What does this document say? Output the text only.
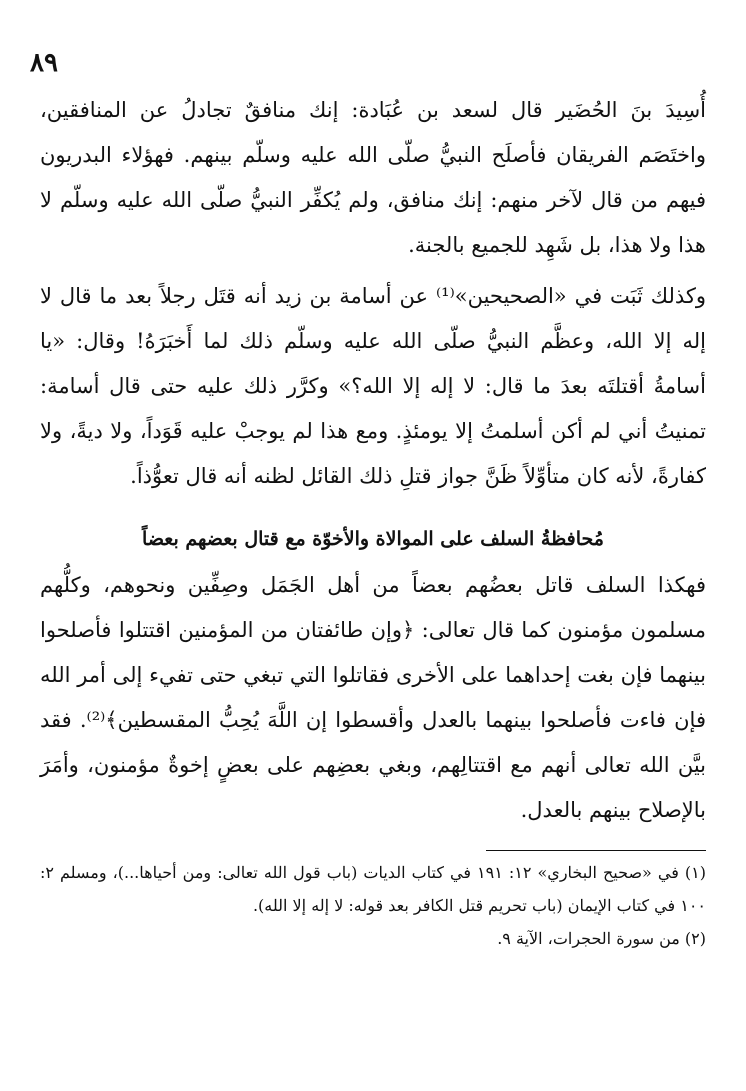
٨٩

أُسِيدَ بنَ الحُضَير قال لسعد بن عُبَادة: إنك منافقٌ تجادلُ عن المنافقين، واختَصَم الفريقان فأصلَح النبيُّ صلّى الله عليه وسلّم بينهم. فهؤلاء البدريون فيهم من قال لآخر منهم: إنك منافق، ولم يُكفِّر النبيُّ صلّى الله عليه وسلّم لا هذا ولا هذا، بل شَهِد للجميع بالجنة.

وكذلك ثَبَت في «الصحيحين»⁽¹⁾ عن أسامة بن زيد أنه قتَل رجلاً بعد ما قال لا إله إلا الله، وعظَّم النبيُّ صلّى الله عليه وسلّم ذلك لما أَخبَرَهُ! وقال: «يا أسامةُ أقتلتَه بعدَ ما قال: لا إله إلا الله؟» وكرَّر ذلك عليه حتى قال أسامة: تمنيتُ أني لم أكن أسلمتُ إلا يومئذٍ. ومع هذا لم يوجبْ عليه قَوَداً، ولا ديةً، ولا كفارةً، لأنه كان متأوِّلاً ظَنَّ جواز قتلِ ذلك القائل لظنه أنه قال تعوُّذاً.

مُحافظةُ السلف على الموالاة والأخوّة مع قتال بعضهم بعضاً

فهكذا السلف قاتل بعضُهم بعضاً من أهل الجَمَل وصِفِّين ونحوهم، وكلُّهم مسلمون مؤمنون كما قال تعالى: ﴿وإن طائفتان من المؤمنين اقتتلوا فأصلحوا بينهما فإن بغت إحداهما على الأخرى فقاتلوا التي تبغي حتى تفيء إلى أمر الله فإن فاءت فأصلحوا بينهما بالعدل وأقسطوا إن اللَّهَ يُحِبُّ المقسطين﴾⁽²⁾. فقد بيَّن الله تعالى أنهم مع اقتتالِهم، وبغي بعضِهم على بعضٍ إخوةٌ مؤمنون، وأمَرَ بالإصلاح بينهم بالعدل.

(١) في «صحيح البخاري» ١٢: ١٩١ في كتاب الديات (باب قول الله تعالى: ومن أحياها...)، ومسلم ٢: ١٠٠ في كتاب الإيمان (باب تحريم قتل الكافر بعد قوله: لا إله إلا الله).

(٢) من سورة الحجرات، الآية ٩.
